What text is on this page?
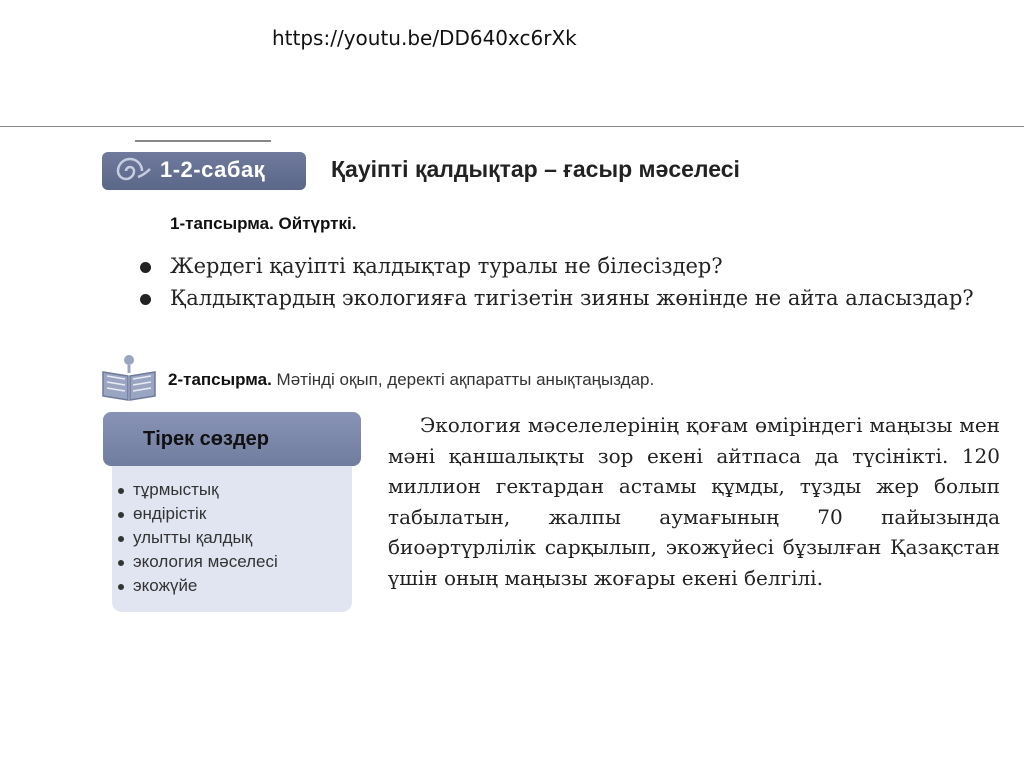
https://youtu.be/DD640xc6rXk
1-2-сабақ	Қауіпті қалдықтар – ғасыр мәселесі
1-тапсырма. Ойтүрткі.
Жердегі қауіпті қалдықтар туралы не білесіздер?
Қалдықтардың экологияға тигізетін зияны жөнінде не айта аласыздар?
2-тапсырма. Мәтінді оқып, деректі ақпаратты анықтаңыздар.
Тірек сөздер
тұрмыстық
өндірістік
улытты қалдық
экология мәселесі
экожүйе

Экология мәселелерінің қоғам өміріндегі маңызы мен мәні қаншалықты зор екені айтпаса да түсінікті. 120 миллион гектардан астамы құмды, тұзды жер болып табылатын, жалпы аумағының 70 пайызында биоәртүрлілік сарқылып, экожүйесі бұзылған Қазақстан үшін оның маңызы жоғары екені белгілі.
